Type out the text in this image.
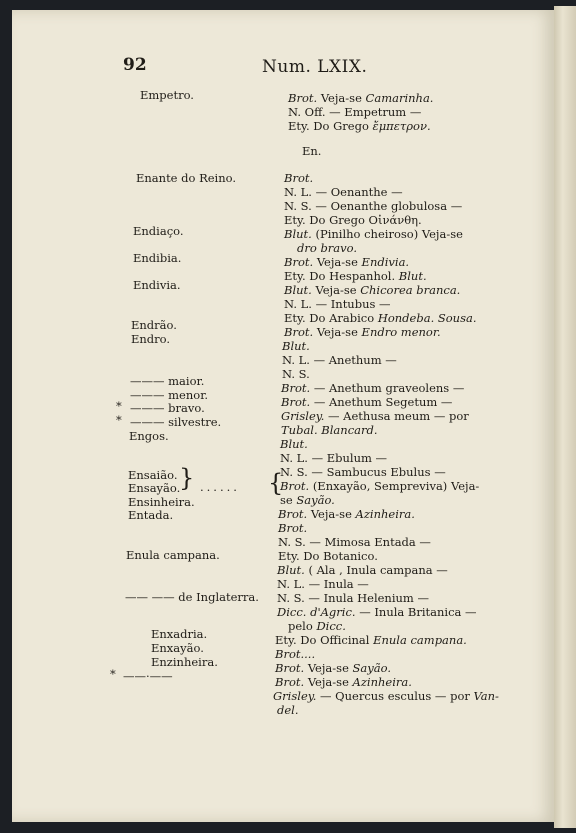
92	Num. LXIX.
Empetro.
Enante do Reino.
Endiaço.
Endibia.
Endivia.
Endrão.
Endro.
——— maior.
——— menor.
* ——— bravo.
* ——— silvestre.
Engos.
Ensaião.
Ensayão.
} ......
Ensinheira.
Entada.
Enula campana.
—— —— de Inglaterra.
Enxadria.
Enxayão.
Enzinheira.
* ——·——
Brot. Veja-se Camarinha.
N. Off. — Empetrum —
Ety. Do Grego ἔμπετρον.
En.
Brot.
N. L. — Oenanthe —
N. S. — Oenanthe globulosa —
Ety. Do Grego Οἰνάνθη.
Blut. (Pinilho cheiroso) Veja-se
dro bravo.
Brot. Veja-se Endivia.
Ety. Do Hespanhol. Blut.
Blut. Veja-se Chicorea branca.
N. L. — Intubus —
Ety. Do Arabico Hondeba. Sousa.
Brot. Veja-se Endro menor.
Blut.
N. L. — Anethum —
N. S.
Brot. — Anethum graveolens —
Brot. — Anethum Segetum —
Grisley. — Aethusa meum — por
Tubal. Blancard.
Blut.
N. L. — Ebulum —
N. S. — Sambucus Ebulus —
{
Brot. (Enxayão, Sempreviva) Veja-
se Sayão.
Brot. Veja-se Azinheira.
Brot.
N. S. — Mimosa Entada —
Ety. Do Botanico.
Blut. ( Ala , Inula campana —
N. L. — Inula —
N. S. — Inula Helenium —
Dicc. d'Agric. — Inula Britanica —
pelo Dicc.
Ety. Do Officinal Enula campana.
Brot....
Brot. Veja-se Sayão.
Brot. Veja-se Azinheira.
Grisley. — Quercus esculus — por Van-
del.
